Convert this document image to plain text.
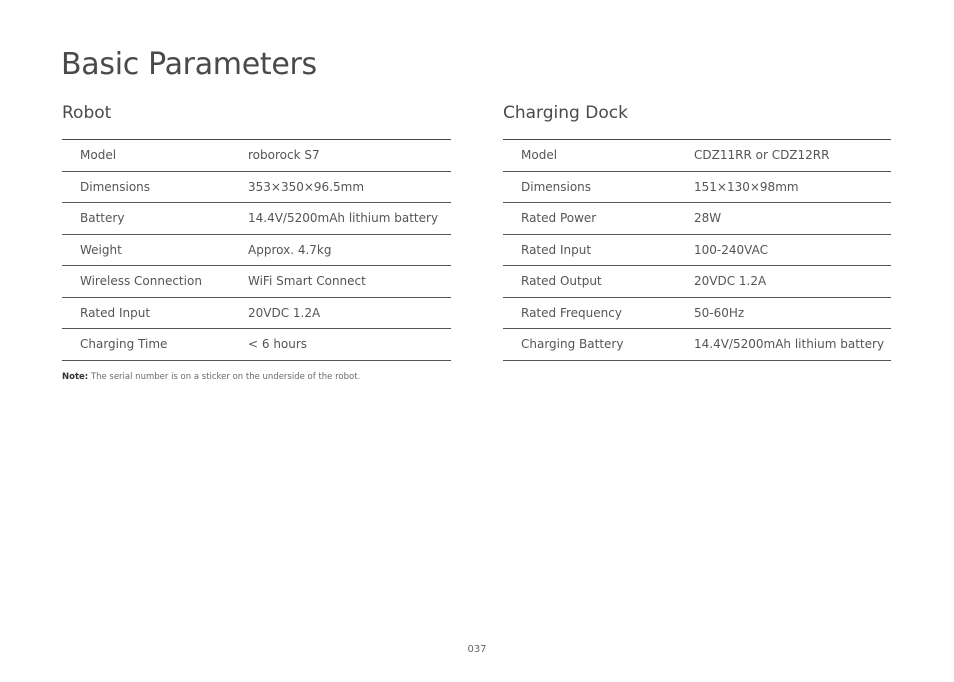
Basic Parameters
Robot
Model	roborock S7
Dimensions	353×350×96.5mm
Battery	14.4V/5200mAh lithium battery
Weight	Approx. 4.7kg
Wireless Connection	WiFi Smart Connect
Rated Input	20VDC 1.2A
Charging Time	< 6 hours
Note: The serial number is on a sticker on the underside of the robot.
Charging Dock
Model	CDZ11RR or CDZ12RR
Dimensions	151×130×98mm
Rated Power	28W
Rated Input	100-240VAC
Rated Output	20VDC 1.2A
Rated Frequency	50-60Hz
Charging Battery	14.4V/5200mAh lithium battery
037
